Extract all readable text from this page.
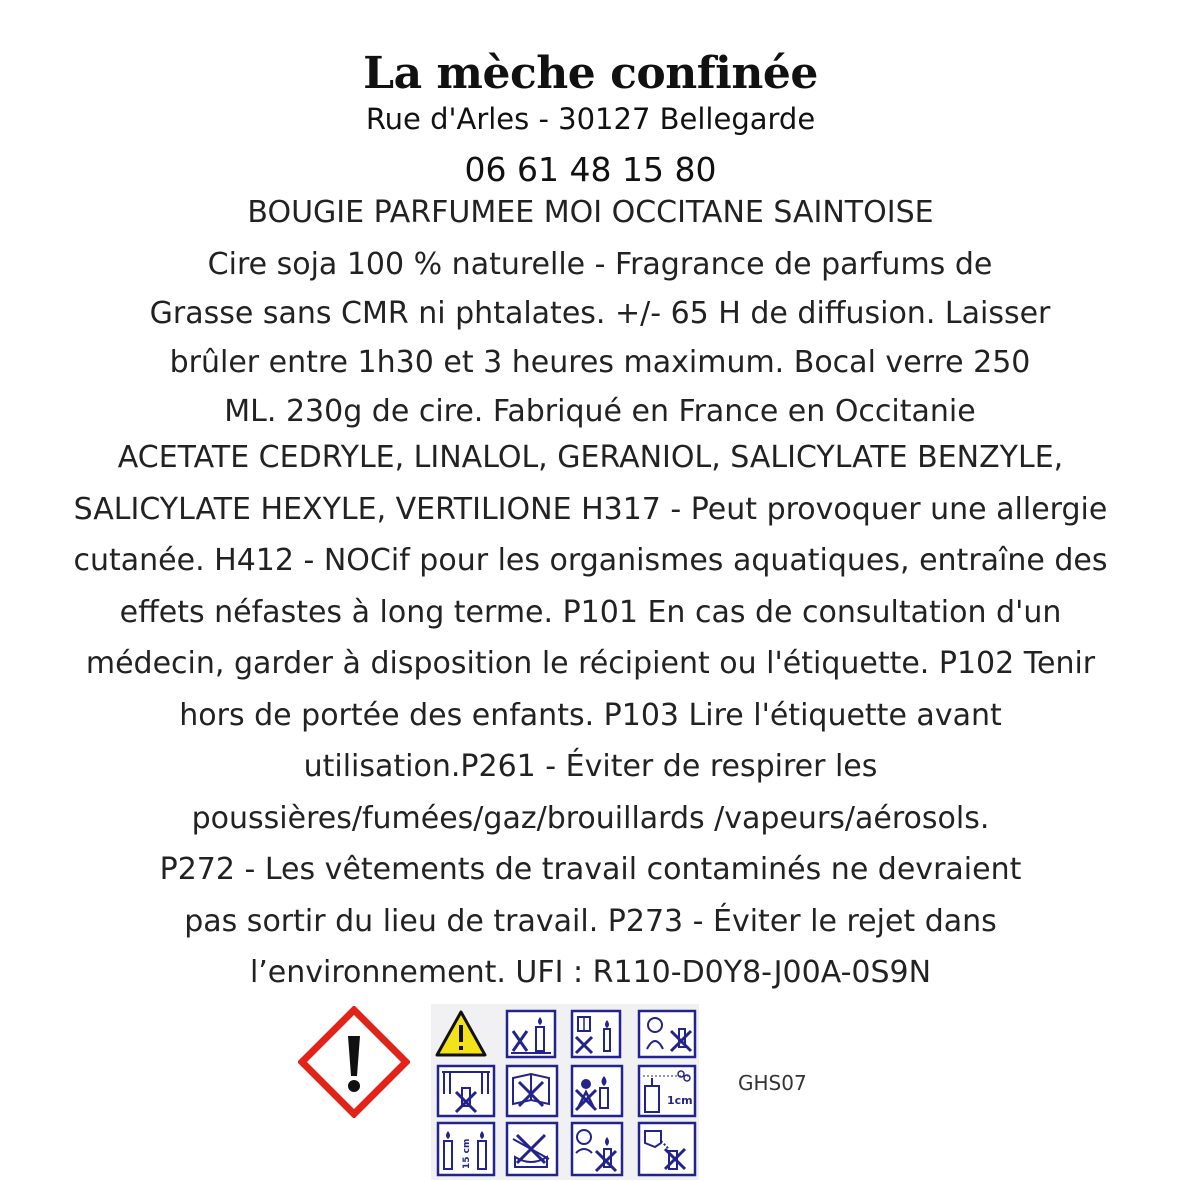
La mèche confinée
Rue d'Arles - 30127 Bellegarde
06 61 48 15 80
BOUGIE PARFUMEE MOI OCCITANE SAINTOISE
Cire soja 100 % naturelle - Fragrance de parfums de
Grasse sans CMR ni phtalates. +/- 65 H de diffusion. Laisser
brûler entre 1h30 et 3 heures maximum. Bocal verre 250
ML. 230g de cire. Fabriqué en France en Occitanie
ACETATE CEDRYLE, LINALOL, GERANIOL, SALICYLATE BENZYLE,
SALICYLATE HEXYLE, VERTILIONE H317 - Peut provoquer une allergie
cutanée. H412 - NOCif pour les organismes aquatiques, entraîne des
effets néfastes à long terme. P101 En cas de consultation d'un
médecin, garder à disposition le récipient ou l'étiquette. P102 Tenir
hors de portée des enfants. P103 Lire l'étiquette avant
utilisation.P261 - Éviter de respirer les
poussières/fumées/gaz/brouillards /vapeurs/aérosols.
P272 - Les vêtements de travail contaminés ne devraient
pas sortir du lieu de travail. P273 - Éviter le rejet dans
l’environnement. UFI : R110-D0Y8-J00A-0S9N
1cm
15 cm
GHS07
